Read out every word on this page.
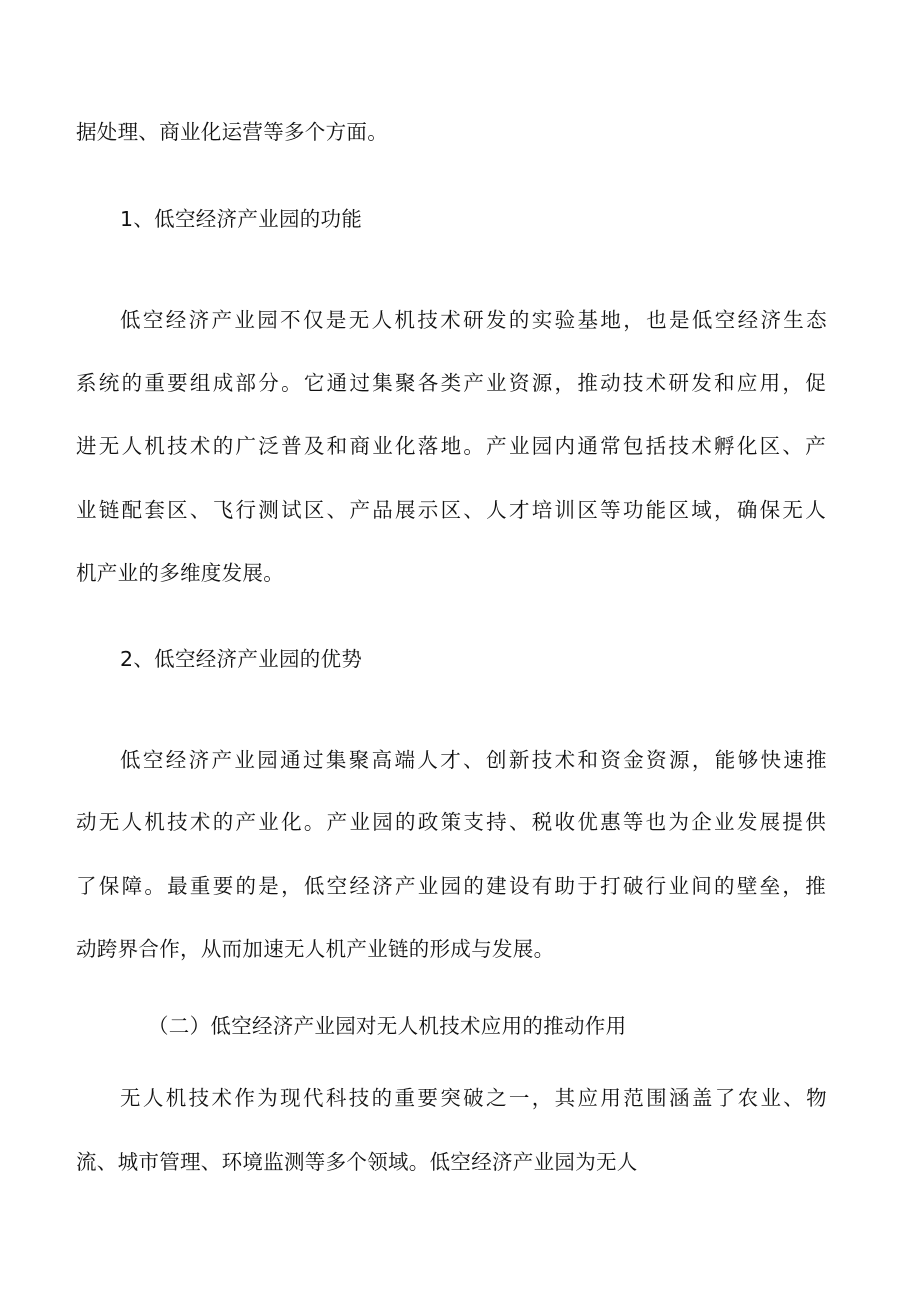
据处理、商业化运营等多个方面。
1、低空经济产业园的功能
低空经济产业园不仅是无人机技术研发的实验基地，也是低空经济生态
系统的重要组成部分。它通过集聚各类产业资源，推动技术研发和应用，促
进无人机技术的广泛普及和商业化落地。产业园内通常包括技术孵化区、产
业链配套区、飞行测试区、产品展示区、人才培训区等功能区域，确保无人
机产业的多维度发展。
2、低空经济产业园的优势
低空经济产业园通过集聚高端人才、创新技术和资金资源，能够快速推
动无人机技术的产业化。产业园的政策支持、税收优惠等也为企业发展提供
了保障。最重要的是，低空经济产业园的建设有助于打破行业间的壁垒，推
动跨界合作，从而加速无人机产业链的形成与发展。
（二）低空经济产业园对无人机技术应用的推动作用
无人机技术作为现代科技的重要突破之一，其应用范围涵盖了农业、物
流、城市管理、环境监测等多个领域。低空经济产业园为无人
